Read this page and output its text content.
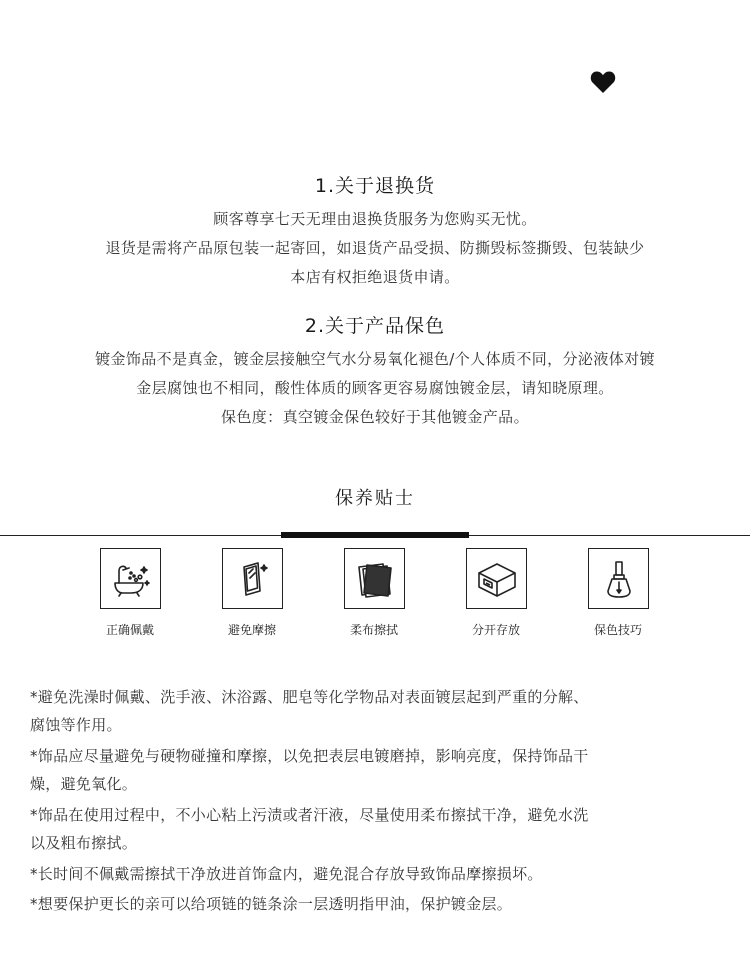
1.关于退换货
顾客尊享七天无理由退换货服务为您购买无忧。
退货是需将产品原包装一起寄回，如退货产品受损、防撕毁标签撕毁、包装缺少
本店有权拒绝退货申请。
2.关于产品保色
镀金饰品不是真金，镀金层接触空气水分易氧化褪色/个人体质不同，分泌液体对镀
金层腐蚀也不相同，酸性体质的顾客更容易腐蚀镀金层，请知晓原理。
保色度：真空镀金保色较好于其他镀金产品。
保养贴士
正确佩戴	避免摩擦	柔布擦拭	分开存放	保色技巧
*避免洗澡时佩戴、洗手液、沐浴露、肥皂等化学物品对表面镀层起到严重的分解、
腐蚀等作用。
*饰品应尽量避免与硬物碰撞和摩擦，以免把表层电镀磨掉，影响亮度，保持饰品干
燥，避免氧化。
*饰品在使用过程中，不小心粘上污渍或者汗液，尽量使用柔布擦拭干净，避免水洗
以及粗布擦拭。
*长时间不佩戴需擦拭干净放进首饰盒内，避免混合存放导致饰品摩擦损坏。
*想要保护更长的亲可以给项链的链条涂一层透明指甲油，保护镀金层。
